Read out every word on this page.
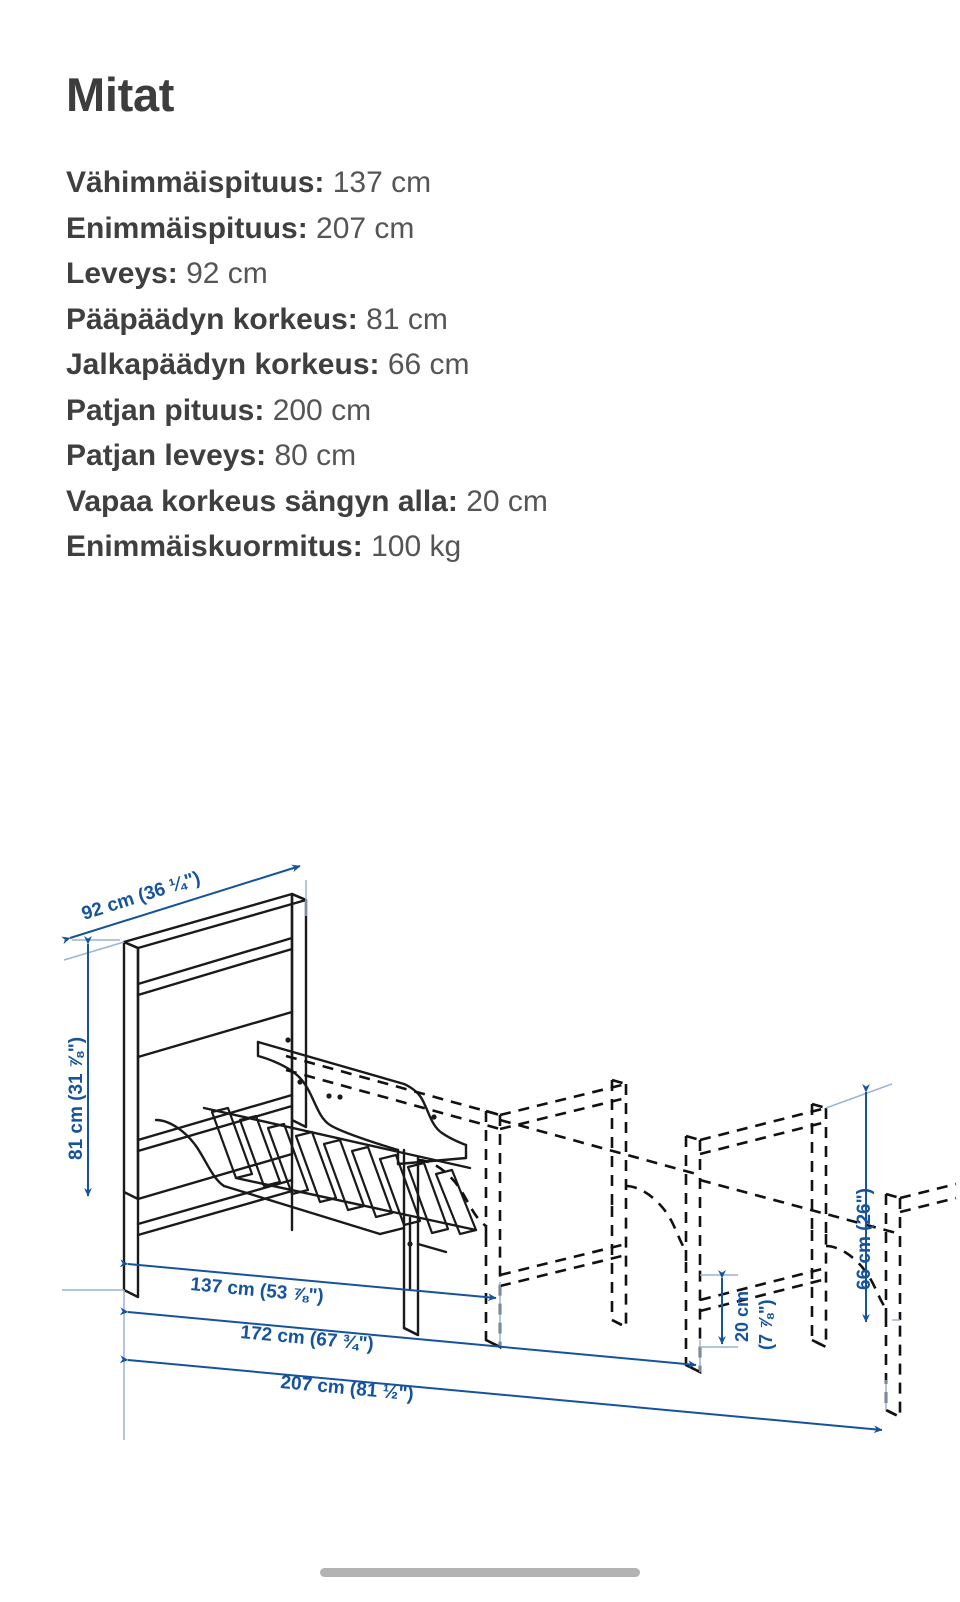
Mitat
Vähimmäispituus: 137 cm
Enimmäispituus: 207 cm
Leveys: 92 cm
Pääpäädyn korkeus: 81 cm
Jalkapäädyn korkeus: 66 cm
Patjan pituus: 200 cm
Patjan leveys: 80 cm
Vapaa korkeus sängyn alla: 20 cm
Enimmäiskuormitus: 100 kg
92 cm (36 ¼")
81 cm (31 ⅞")
66 cm (26")
137 cm (53 ⅞")
172 cm (67 ¾")
207 cm (81 ½")
20 cm (7 ⅞")
